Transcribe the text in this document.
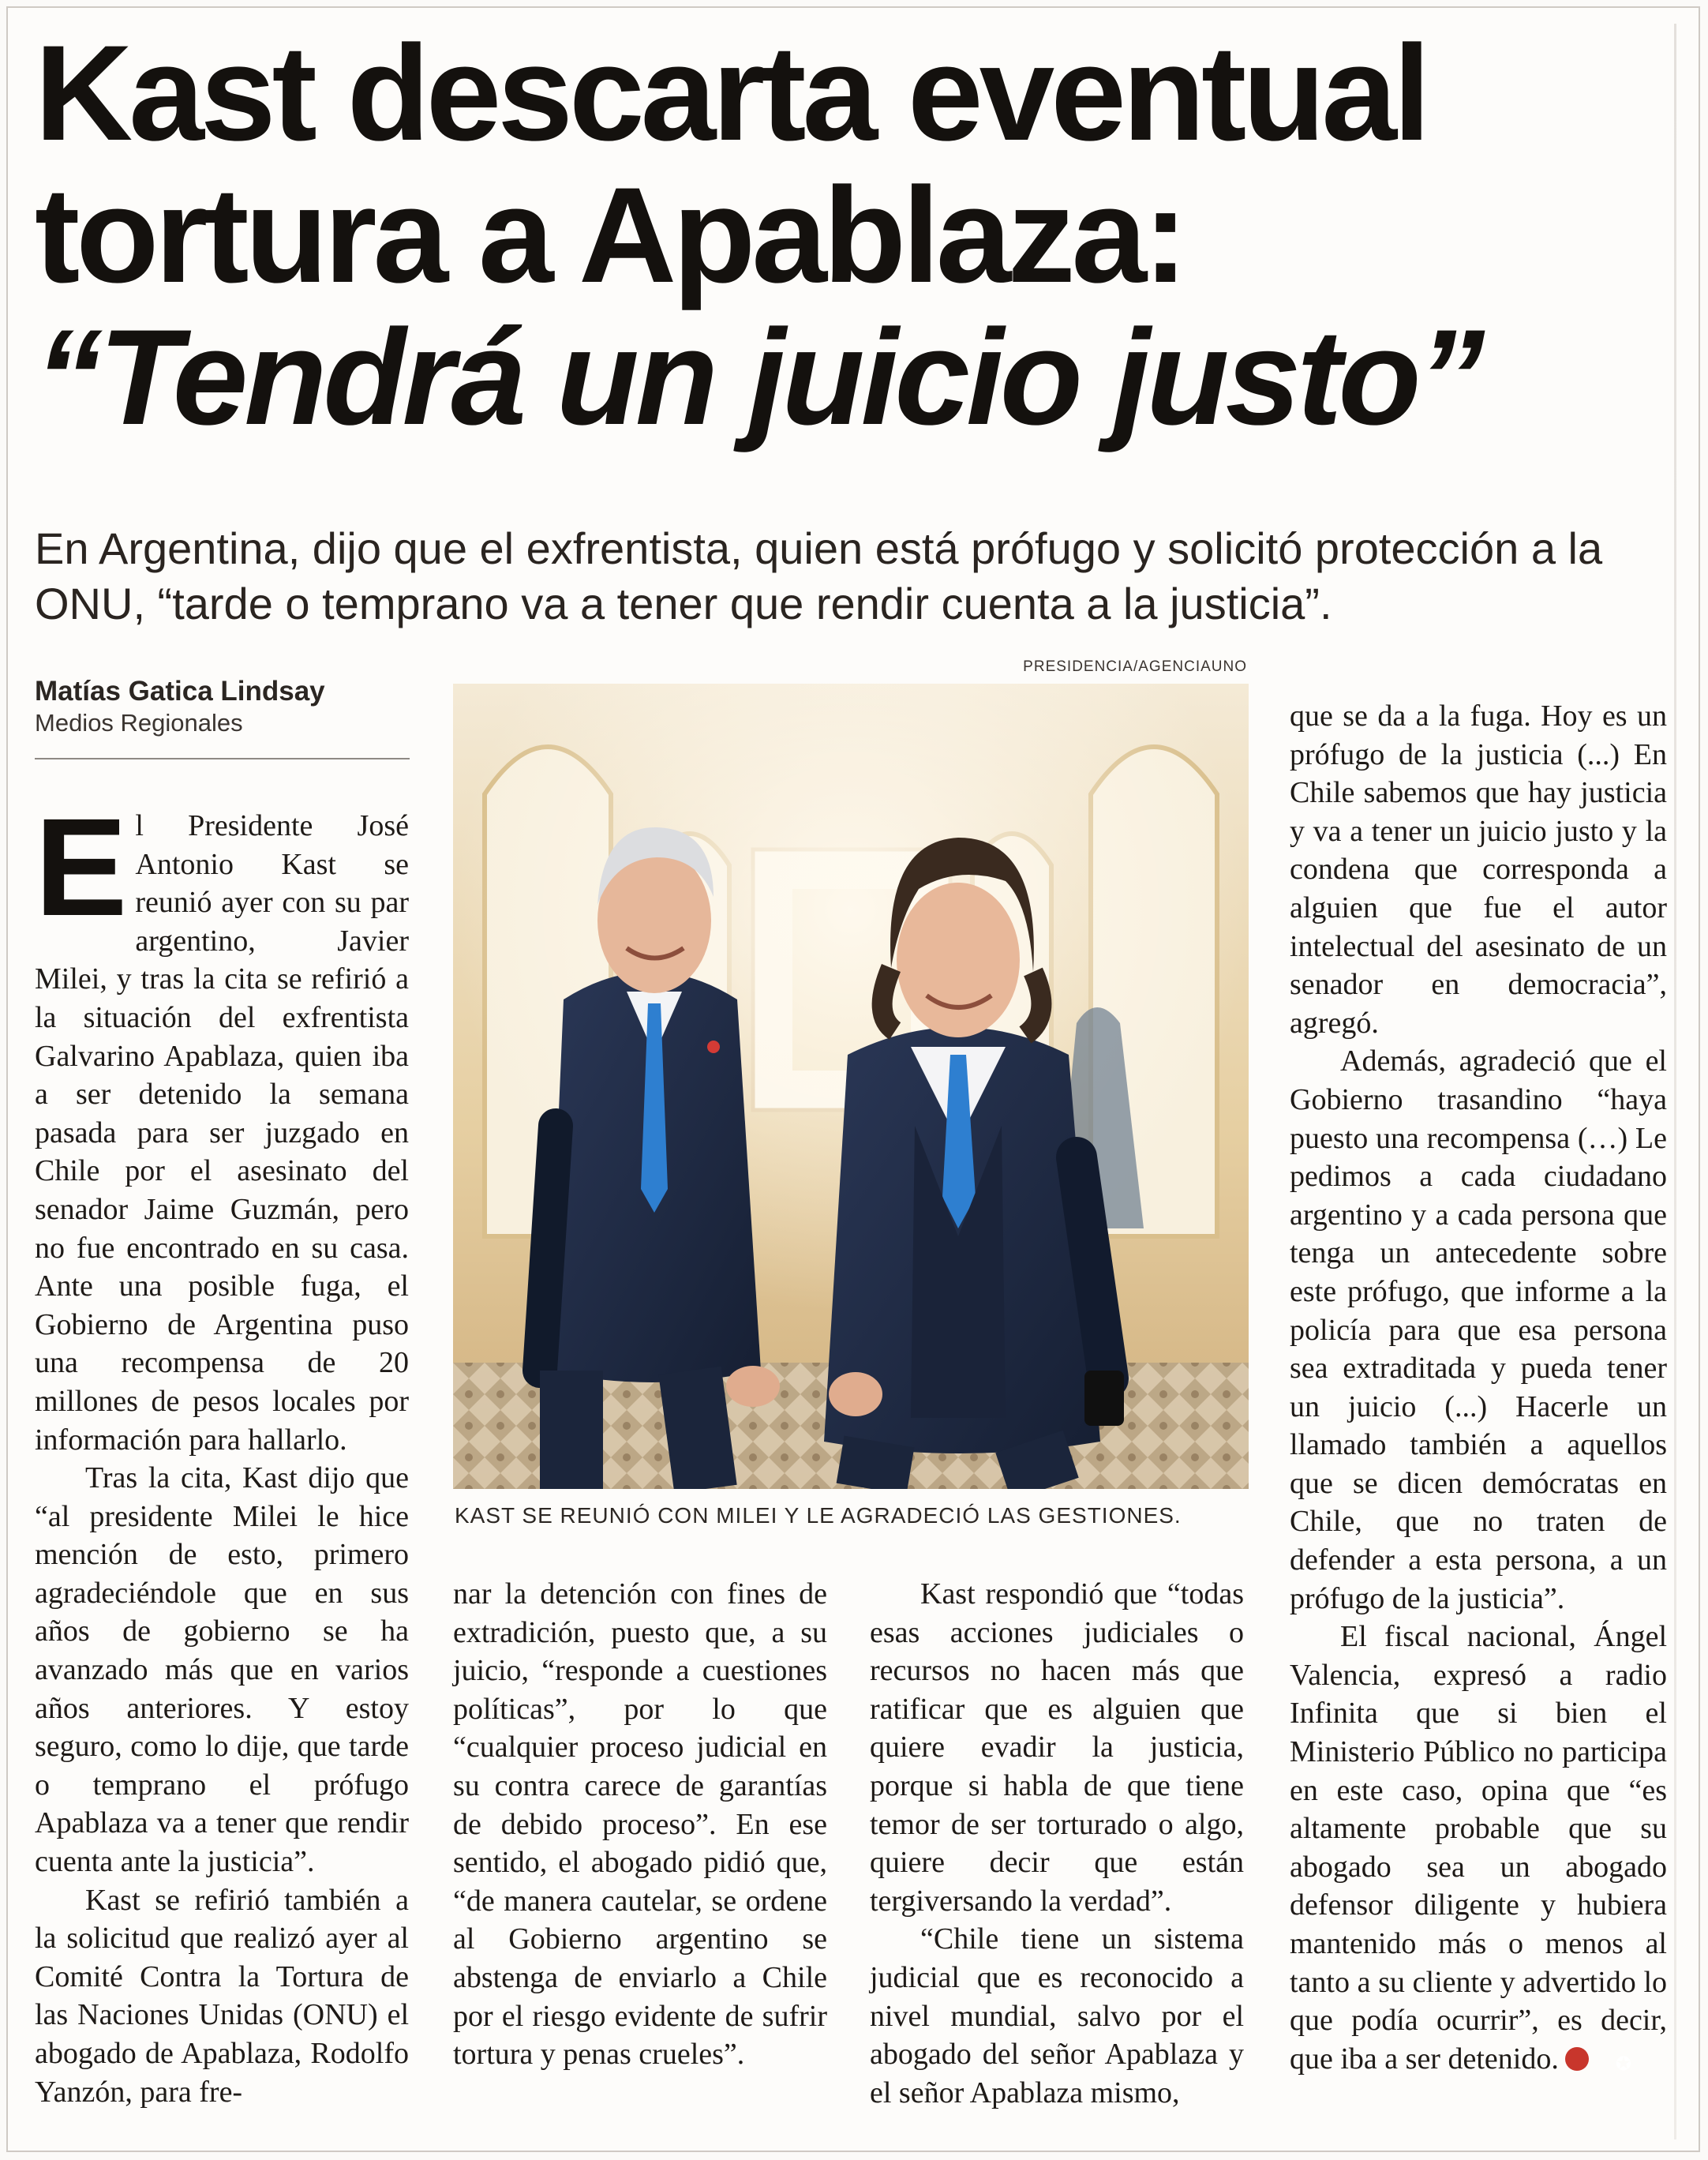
Kast descarta eventual
tortura a Apablaza:
“Tendrá un juicio justo”

En Argentina, dijo que el exfrentista, quien está prófugo y solicitó protección a la ONU, “tarde o temprano va a tener que rendir cuenta a la justicia”.

Matías Gatica Lindsay
Medios Regionales
PRESIDENCIA/AGENCIAUNO
KAST SE REUNIÓ CON MILEI Y LE AGRADECIÓ LAS GESTIONES.

El Presidente José Antonio Kast se reunió ayer con su par argentino, Javier Milei, y tras la cita se refirió a la situación del exfrentista Galvarino Apablaza, quien iba a ser detenido la semana pasada para ser juzgado en Chile por el asesinato del senador Jaime Guzmán, pero no fue encontrado en su casa. Ante una posible fuga, el Gobierno de Argentina puso una recompensa de 20 millones de pesos locales por información para hallarlo.

Tras la cita, Kast dijo que “al presidente Milei le hice mención de esto, primero agradeciéndole que en sus años de gobierno se ha avanzado más que en varios años anteriores. Y estoy seguro, como lo dije, que tarde o temprano el prófugo Apablaza va a tener que rendir cuenta ante la justicia”.

Kast se refirió también a la solicitud que realizó ayer al Comité Contra la Tortura de las Naciones Unidas (ONU) el abogado de Apablaza, Rodolfo Yanzón, para fre-

nar la detención con fines de extradición, puesto que, a su juicio, “responde a cuestiones políticas”, por lo que “cualquier proceso judicial en su contra carece de garantías de debido proceso”. En ese sentido, el abogado pidió que, “de manera cautelar, se ordene al Gobierno argentino se abstenga de enviarlo a Chile por el riesgo evidente de sufrir tortura y penas crueles”.

Kast respondió que “todas esas acciones judiciales o recursos no hacen más que ratificar que es alguien que quiere evadir la justicia, porque si habla de que tiene temor de ser torturado o algo, quiere decir que están tergiversando la verdad”.

“Chile tiene un sistema judicial que es reconocido a nivel mundial, salvo por el abogado del señor Apablaza y el señor Apablaza mismo,

que se da a la fuga. Hoy es un prófugo de la justicia (...) En Chile sabemos que hay justicia y va a tener un juicio justo y la condena que corresponda a alguien que fue el autor intelectual del asesinato de un senador en democracia”, agregó.

Además, agradeció que el Gobierno trasandino “haya puesto una recompensa (…) Le pedimos a cada ciudadano argentino y a cada persona que tenga un antecedente sobre este prófugo, que informe a la policía para que esa persona sea extraditada y pueda tener un juicio (...) Hacerle un llamado también a aquellos que se dicen demócratas en Chile, que no traten de defender a esta persona, a un prófugo de la justicia”.

El fiscal nacional, Ángel Valencia, expresó a radio Infinita que si bien el Ministerio Público no participa en este caso, opina que “es altamente probable que su abogado sea un abogado defensor diligente y hubiera mantenido más o menos al tanto a su cliente y advertido lo que podía ocurrir”, es decir, que iba a ser detenido.✪
